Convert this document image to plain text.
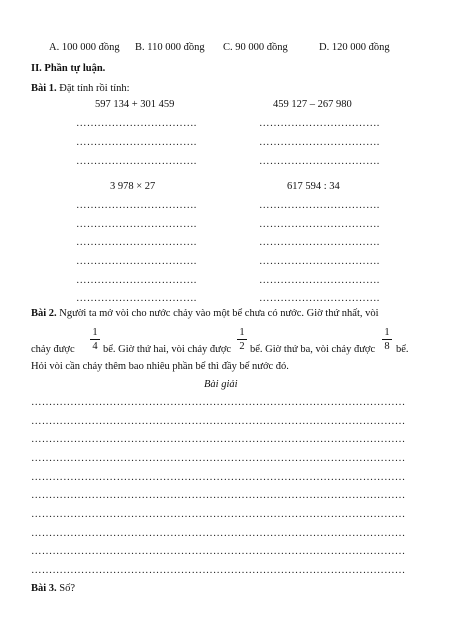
A. 100 000 đồng B. 110 000 đồng C. 90 000 đồng	D. 120 000 đồng
II. Phần tự luận.
Bài 1. Đặt tính rồi tính:
597 134 + 301 459	459 127 – 267 980
…………………………….	…………………………….
…………………………….	…………………………….
…………………………….	…………………………….
3 978 × 27	617 594 : 34
…………………………….	…………………………….
…………………………….	…………………………….
…………………………….	…………………………….
…………………………….	…………………………….
…………………………….	…………………………….
…………………………….	…………………………….
Bài 2. Người ta mở vòi cho nước chảy vào một bể chưa có nước. Giờ thứ nhất, vòi
chảy được
1
4 bể. Giờ thứ hai, vòi chảy được
1
2 bể. Giờ thứ ba, vòi chảy được
1
8 bể.
Hỏi vòi cần chảy thêm bao nhiêu phần bể thì đầy bể nước đó.
Bài giải
……………………………………………………………………………………………
……………………………………………………………………………………………
……………………………………………………………………………………………
……………………………………………………………………………………………
……………………………………………………………………………………………
……………………………………………………………………………………………
……………………………………………………………………………………………
……………………………………………………………………………………………
……………………………………………………………………………………………
……………………………………………………………………………………………
Bài 3. Số?
